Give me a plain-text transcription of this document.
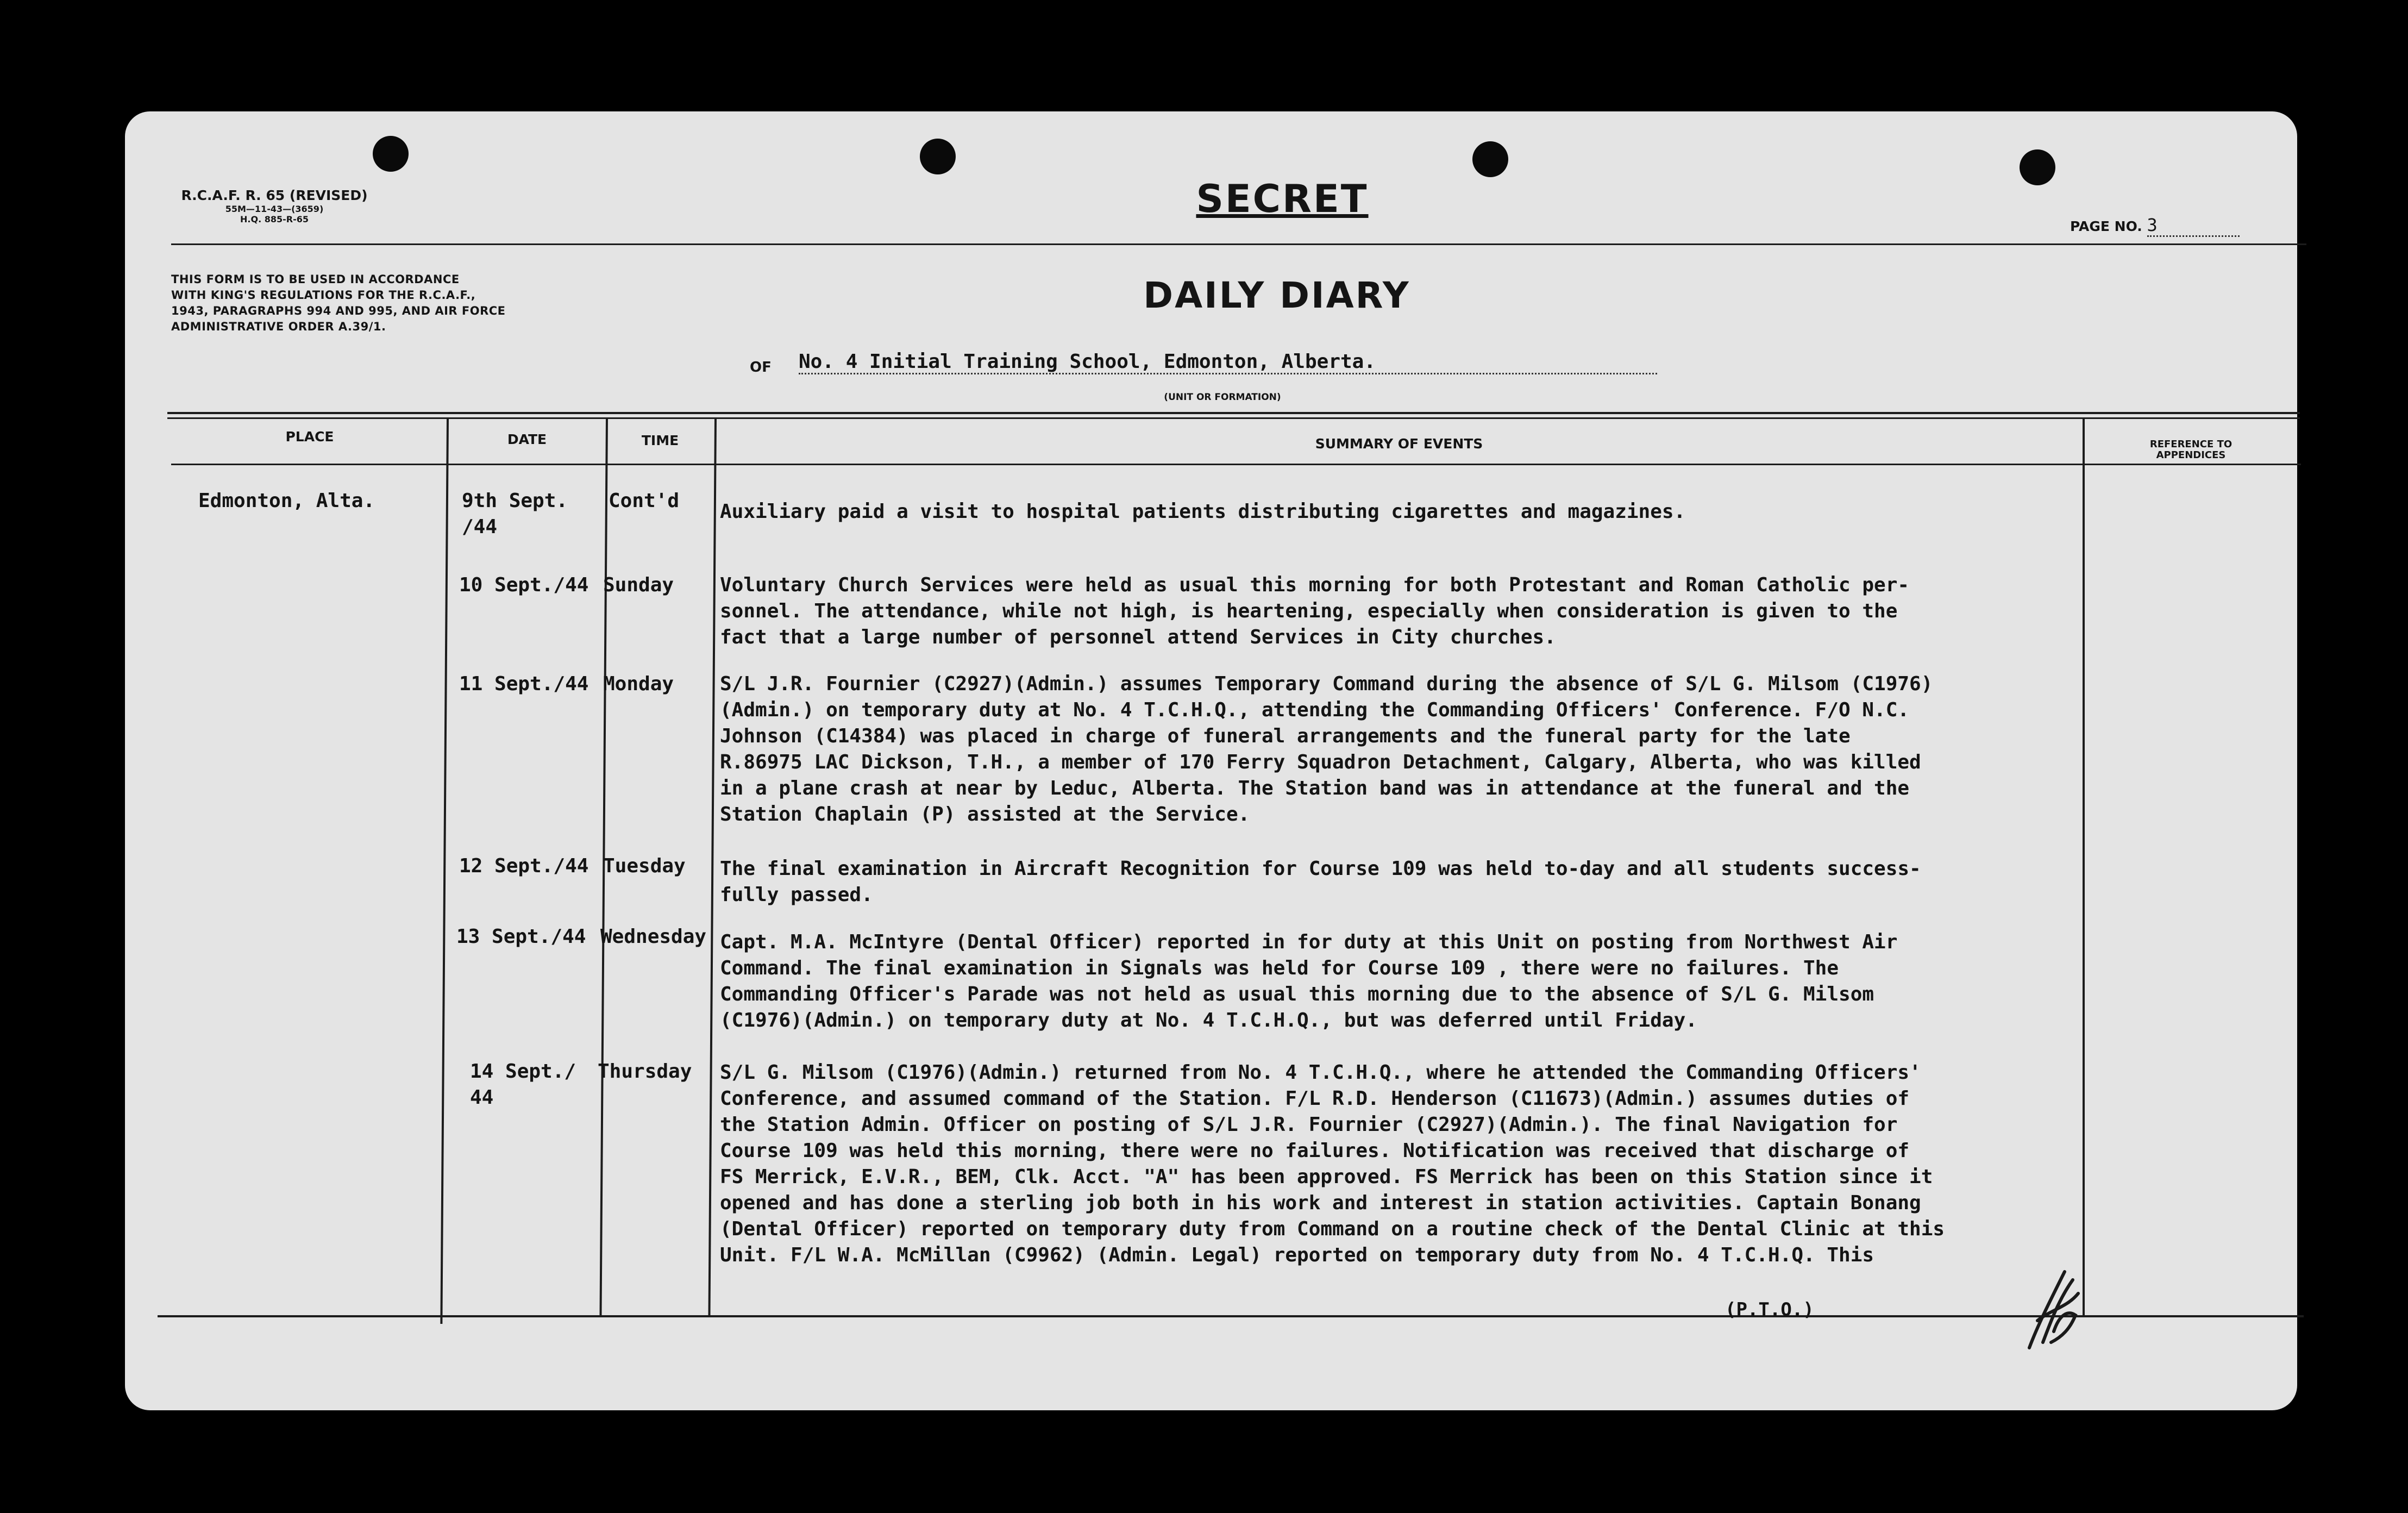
R.C.A.F. R. 65 (REVISED)
55M—11-43—(3659)
H.Q. 885-R-65	SECRET
PAGE NO. 3
THIS FORM IS TO BE USED IN ACCORDANCE
WITH KING'S REGULATIONS FOR THE R.C.A.F.,
1943, PARAGRAPHS 994 AND 995, AND AIR FORCE
ADMINISTRATIVE ORDER A.39/1.
DAILY DIARY
OF No. 4 Initial Training School, Edmonton, Alberta.
(UNIT OR FORMATION)
PLACE	DATE	TIME	SUMMARY OF EVENTS	REFERENCE TO
APPENDICES
Edmonton, Alta.	9th Sept.
/44
Cont'd Auxiliary paid a visit to hospital patients distributing cigarettes and magazines.
10 Sept./44 Sunday Voluntary Church Services were held as usual this morning for both Protestant and Roman Catholic per-
sonnel. The attendance, while not high, is heartening, especially when consideration is given to the
fact that a large number of personnel attend Services in City churches.
11 Sept./44 Monday S/L J.R. Fournier (C2927)(Admin.) assumes Temporary Command during the absence of S/L G. Milsom (C1976)
(Admin.) on temporary duty at No. 4 T.C.H.Q., attending the Commanding Officers' Conference. F/O N.C.
Johnson (C14384) was placed in charge of funeral arrangements and the funeral party for the late
R.86975 LAC Dickson, T.H., a member of 170 Ferry Squadron Detachment, Calgary, Alberta, who was killed
in a plane crash at near by Leduc, Alberta. The Station band was in attendance at the funeral and the
Station Chaplain (P) assisted at the Service.
12 Sept./44 Tuesday The final examination in Aircraft Recognition for Course 109 was held to-day and all students success-
fully passed.
13 Sept./44 Wednesday Capt. M.A. McIntyre (Dental Officer) reported in for duty at this Unit on posting from Northwest Air
Command. The final examination in Signals was held for Course 109 , there were no failures. The
Commanding Officer's Parade was not held as usual this morning due to the absence of S/L G. Milsom
(C1976)(Admin.) on temporary duty at No. 4 T.C.H.Q., but was deferred until Friday.
14 Sept./
44
Thursday S/L G. Milsom (C1976)(Admin.) returned from No. 4 T.C.H.Q., where he attended the Commanding Officers'
Conference, and assumed command of the Station. F/L R.D. Henderson (C11673)(Admin.) assumes duties of
the Station Admin. Officer on posting of S/L J.R. Fournier (C2927)(Admin.). The final Navigation for
Course 109 was held this morning, there were no failures. Notification was received that discharge of
FS Merrick, E.V.R., BEM, Clk. Acct. "A" has been approved. FS Merrick has been on this Station since it
opened and has done a sterling job both in his work and interest in station activities. Captain Bonang
(Dental Officer) reported on temporary duty from Command on a routine check of the Dental Clinic at this
Unit. F/L W.A. McMillan (C9962) (Admin. Legal) reported on temporary duty from No. 4 T.C.H.Q. This
(P.T.O.)
